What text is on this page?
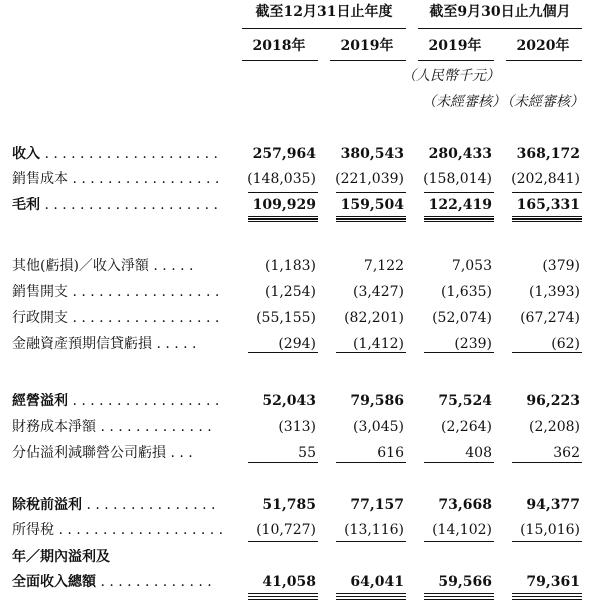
截至12月31日止年度	截至9月30日止九個月
2018年	2019年	2019年	2020年
（人民幣千元）
（未經審核）
（未經審核）
收入 . . . . . . . . . . . . . . . . . . . .	257,964	380,543	280,433	368,172
銷售成本 . . . . . . . . . . . . . . . . .	(148,035)	(221,039)	(158,014)	(202,841)
毛利 . . . . . . . . . . . . . . . . . . . .	109,929	159,504	122,419	165,331
其他(虧損)／收入淨額 . . . . .	(1,183)	7,122	7,053	(379)
銷售開支 . . . . . . . . . . . . . . . . .	(1,254)	(3,427)	(1,635)	(1,393)
行政開支 . . . . . . . . . . . . . . . . .	(55,155)	(82,201)	(52,074)	(67,274)
金融資產預期信貸虧損 . . . . .	(294)	(1,412)	(239)	(62)
經營溢利 . . . . . . . . . . . . . . . . .	52,043	79,586	75,524	96,223
財務成本淨額 . . . . . . . . . . . . .	(313)	(3,045)	(2,264)	(2,208)
分佔溢利減聯營公司虧損 . . .	55	616	408	362
除稅前溢利 . . . . . . . . . . . . . . .	51,785	77,157	73,668	94,377
所得稅 . . . . . . . . . . . . . . . . . . .	(10,727)	(13,116)	(14,102)	(15,016)
年／期內溢利及
全面收入總額 . . . . . . . . . . . . .	41,058	64,041	59,566	79,361
